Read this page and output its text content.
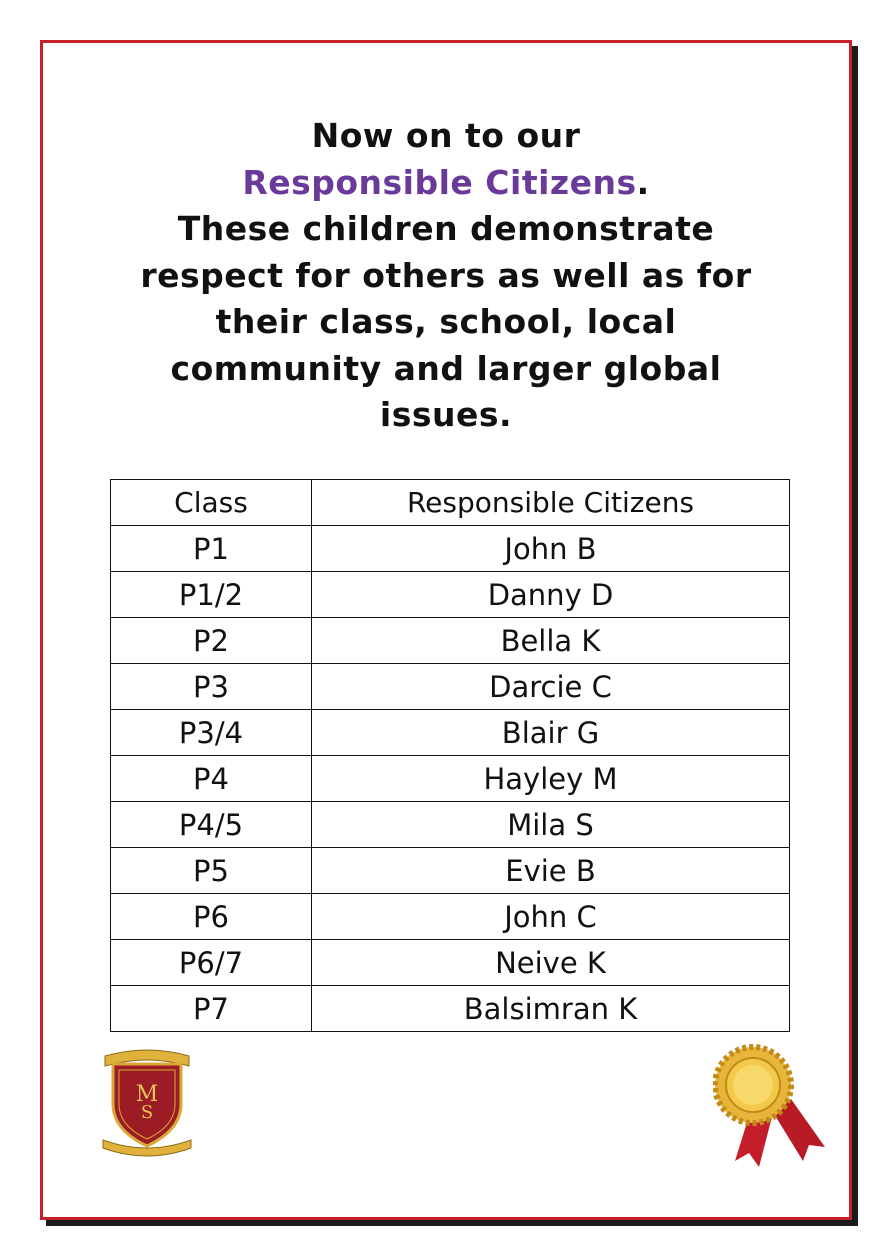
Now on to our
Responsible Citizens.
These children demonstrate
respect for others as well as for
their class, school, local
community and larger global
issues.
Class	Responsible Citizens
P1	John B
P1/2	Danny D
P2	Bella K
P3	Darcie C
P3/4	Blair G
P4	Hayley M
P4/5	Mila S
P5	Evie B
P6	John C
P6/7	Neive K
P7	Balsimran K
M
S
